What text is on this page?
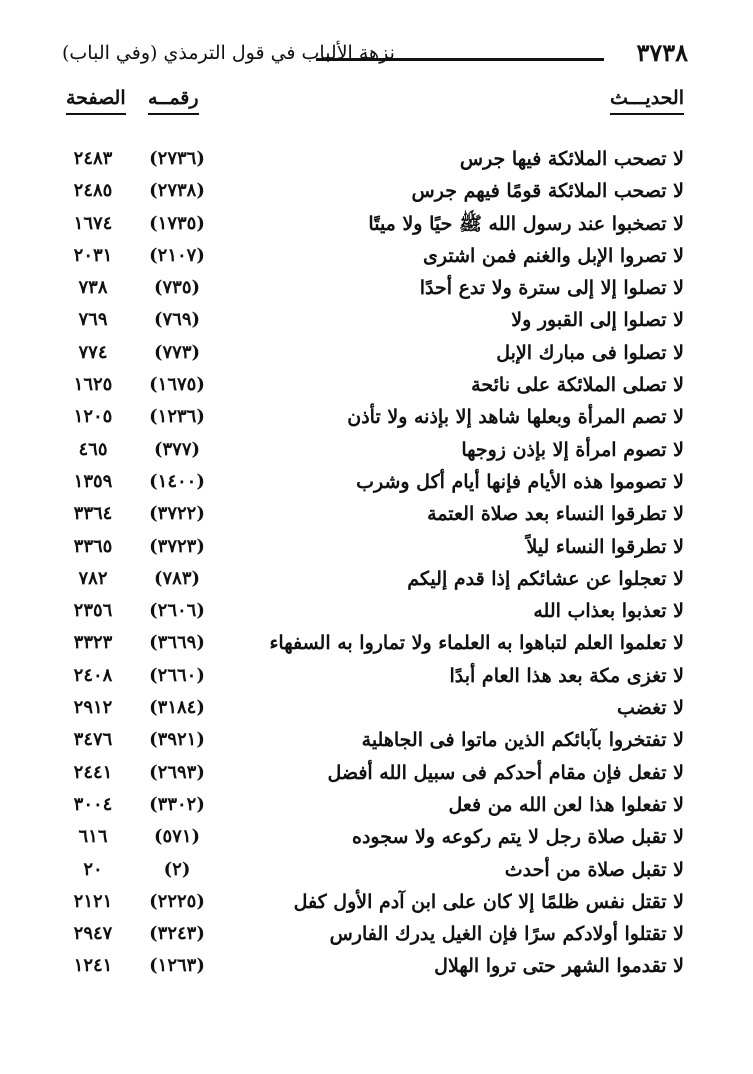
٣٧٣٨
نزهة الألباب في قول الترمذي (وفي الباب)
الحديـــث
رقمــه
الصفحة
لا تصحب الملائكة فيها جرس
(٢٧٣٦)
٢٤٨٣
لا تصحب الملائكة قومًا فيهم جرس
(٢٧٣٨)
٢٤٨٥
لا تصخبوا عند رسول الله ﷺ حيًا ولا ميتًا
(١٧٣٥)
١٦٧٤
لا تصروا الإبل والغنم فمن اشترى
(٢١٠٧)
٢٠٣١
لا تصلوا إلا إلى سترة ولا تدع أحدًا
(٧٣٥)
٧٣٨
لا تصلوا إلى القبور ولا
(٧٦٩)
٧٦٩
لا تصلوا فى مبارك الإبل
(٧٧٣)
٧٧٤
لا تصلى الملائكة على نائحة
(١٦٧٥)
١٦٢٥
لا تصم المرأة وبعلها شاهد إلا بإذنه ولا تأذن
(١٢٣٦)
١٢٠٥
لا تصوم امرأة إلا بإذن زوجها
(٣٧٧)
٤٦٥
لا تصوموا هذه الأيام فإنها أيام أكل وشرب
(١٤٠٠)
١٣٥٩
لا تطرقوا النساء بعد صلاة العتمة
(٣٧٢٢)
٣٣٦٤
لا تطرقوا النساء ليلاً
(٣٧٢٣)
٣٣٦٥
لا تعجلوا عن عشائكم إذا قدم إليكم
(٧٨٣)
٧٨٢
لا تعذبوا بعذاب الله
(٢٦٠٦)
٢٣٥٦
لا تعلموا العلم لتباهوا به العلماء ولا تماروا به السفهاء
(٣٦٦٩)
٣٣٢٣
لا تغزى مكة بعد هذا العام أبدًا
(٢٦٦٠)
٢٤٠٨
لا تغضب
(٣١٨٤)
٢٩١٢
لا تفتخروا بآبائكم الذين ماتوا فى الجاهلية
(٣٩٢١)
٣٤٧٦
لا تفعل فإن مقام أحدكم فى سبيل الله أفضل
(٢٦٩٣)
٢٤٤١
لا تفعلوا هذا لعن الله من فعل
(٣٣٠٢)
٣٠٠٤
لا تقبل صلاة رجل لا يتم ركوعه ولا سجوده
(٥٧١)
٦١٦
لا تقبل صلاة من أحدث
(٢)
٢٠
لا تقتل نفس ظلمًا إلا كان على ابن آدم الأول كفل
(٢٢٢٥)
٢١٢١
لا تقتلوا أولادكم سرًا فإن الغيل يدرك الفارس
(٣٢٤٣)
٢٩٤٧
لا تقدموا الشهر حتى تروا الهلال
(١٢٦٣)
١٢٤١
